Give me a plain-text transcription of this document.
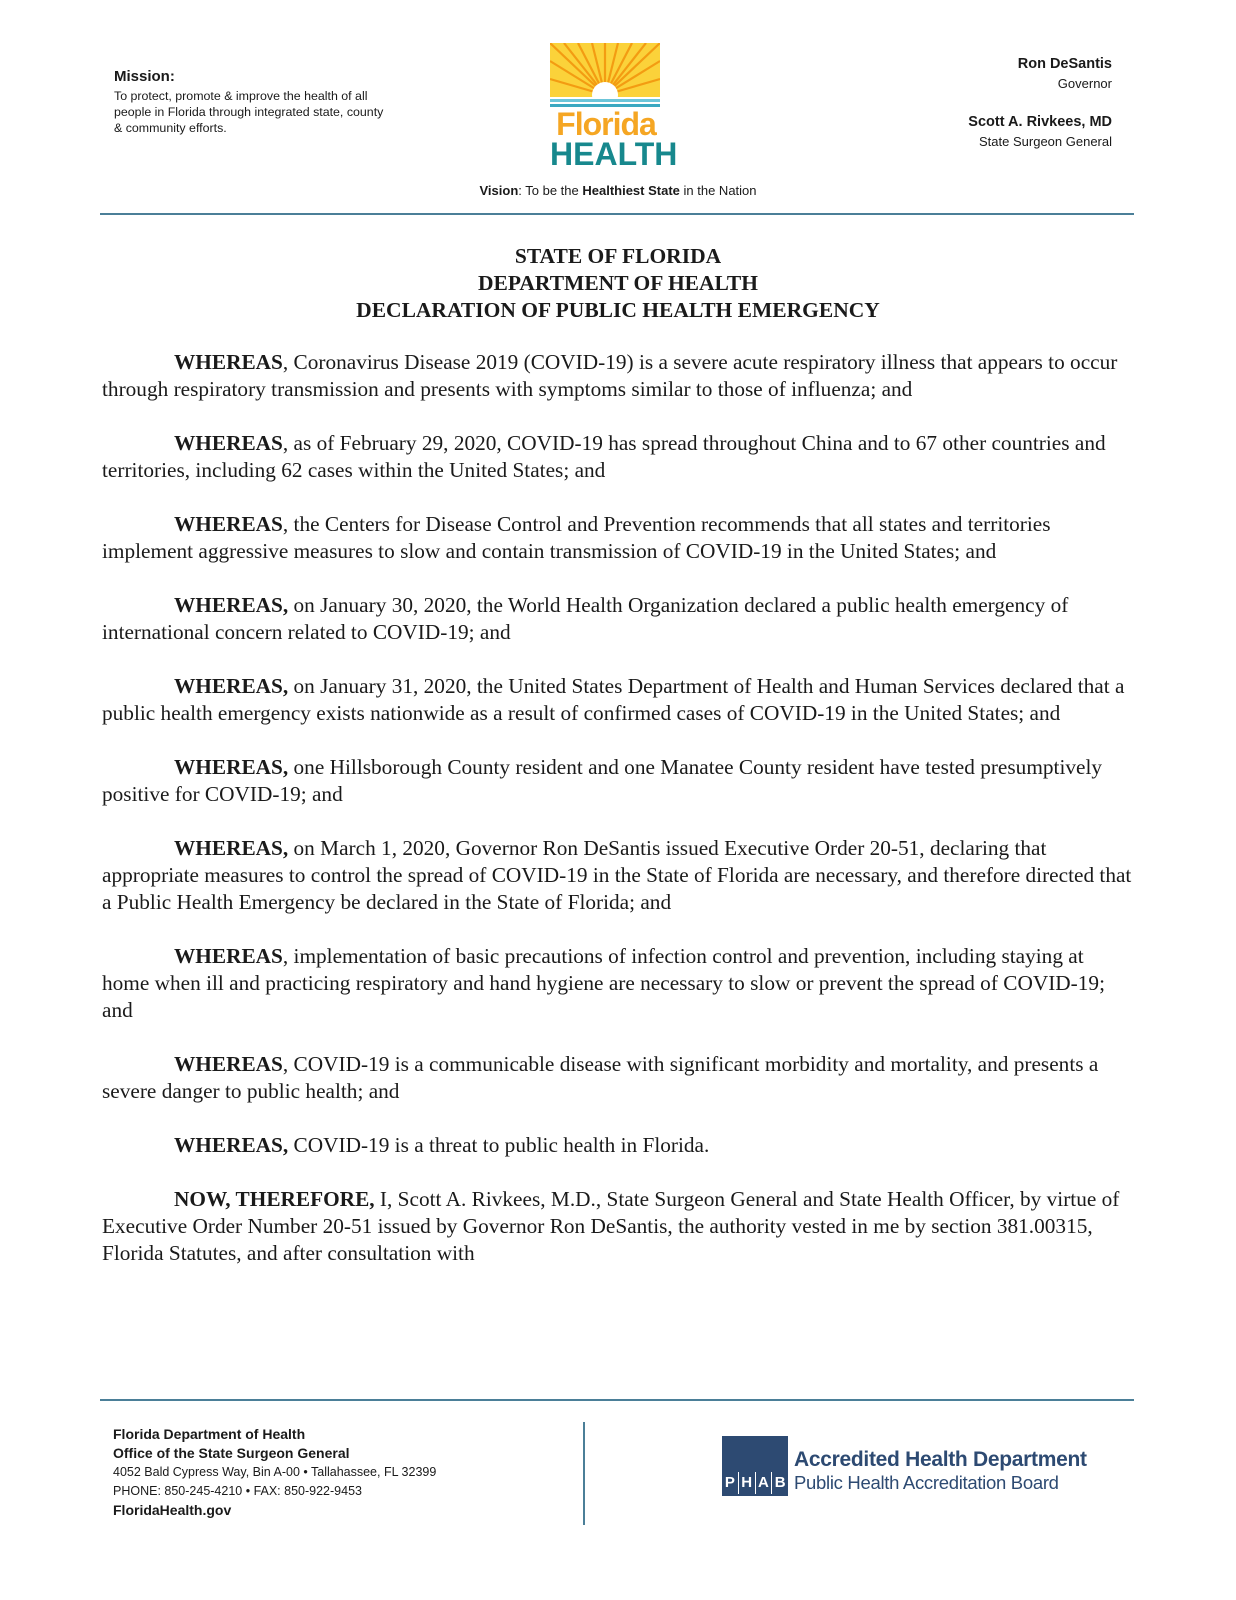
Mission:
To protect, promote & improve the health of all people in Florida through integrated state, county & community efforts.	Florida
HEALTH
Ron DeSantis
Governor
Scott A. Rivkees, MD
State Surgeon General
Vision: To be the Healthiest State in the Nation
STATE OF FLORIDA
DEPARTMENT OF HEALTH
DECLARATION OF PUBLIC HEALTH EMERGENCY

WHEREAS, Coronavirus Disease 2019 (COVID-19) is a severe acute respiratory illness that appears to occur through respiratory transmission and presents with symptoms similar to those of influenza; and

WHEREAS, as of February 29, 2020, COVID-19 has spread throughout China and to 67 other countries and territories, including 62 cases within the United States; and

WHEREAS, the Centers for Disease Control and Prevention recommends that all states and territories implement aggressive measures to slow and contain transmission of COVID-19 in the United States; and

WHEREAS, on January 30, 2020, the World Health Organization declared a public health emergency of international concern related to COVID-19; and

WHEREAS, on January 31, 2020, the United States Department of Health and Human Services declared that a public health emergency exists nationwide as a result of confirmed cases of COVID-19 in the United States; and

WHEREAS, one Hillsborough County resident and one Manatee County resident have tested presumptively positive for COVID-19; and

WHEREAS, on March 1, 2020, Governor Ron DeSantis issued Executive Order 20-51, declaring that appropriate measures to control the spread of COVID-19 in the State of Florida are necessary, and therefore directed that a Public Health Emergency be declared in the State of Florida; and

WHEREAS, implementation of basic precautions of infection control and prevention, including staying at home when ill and practicing respiratory and hand hygiene are necessary to slow or prevent the spread of COVID-19; and

WHEREAS, COVID-19 is a communicable disease with significant morbidity and mortality, and presents a severe danger to public health; and

WHEREAS, COVID-19 is a threat to public health in Florida.

NOW, THEREFORE, I, Scott A. Rivkees, M.D., State Surgeon General and State Health Officer, by virtue of Executive Order Number 20-51 issued by Governor Ron DeSantis, the authority vested in me by section 381.00315, Florida Statutes, and after consultation with

Florida Department of Health
Office of the State Surgeon General
4052 Bald Cypress Way, Bin A-00 • Tallahassee, FL 32399
PHONE: 850-245-4210 • FAX: 850-922-9453
FloridaHealth.gov
P H A B
Accredited Health Department
Public Health Accreditation Board
